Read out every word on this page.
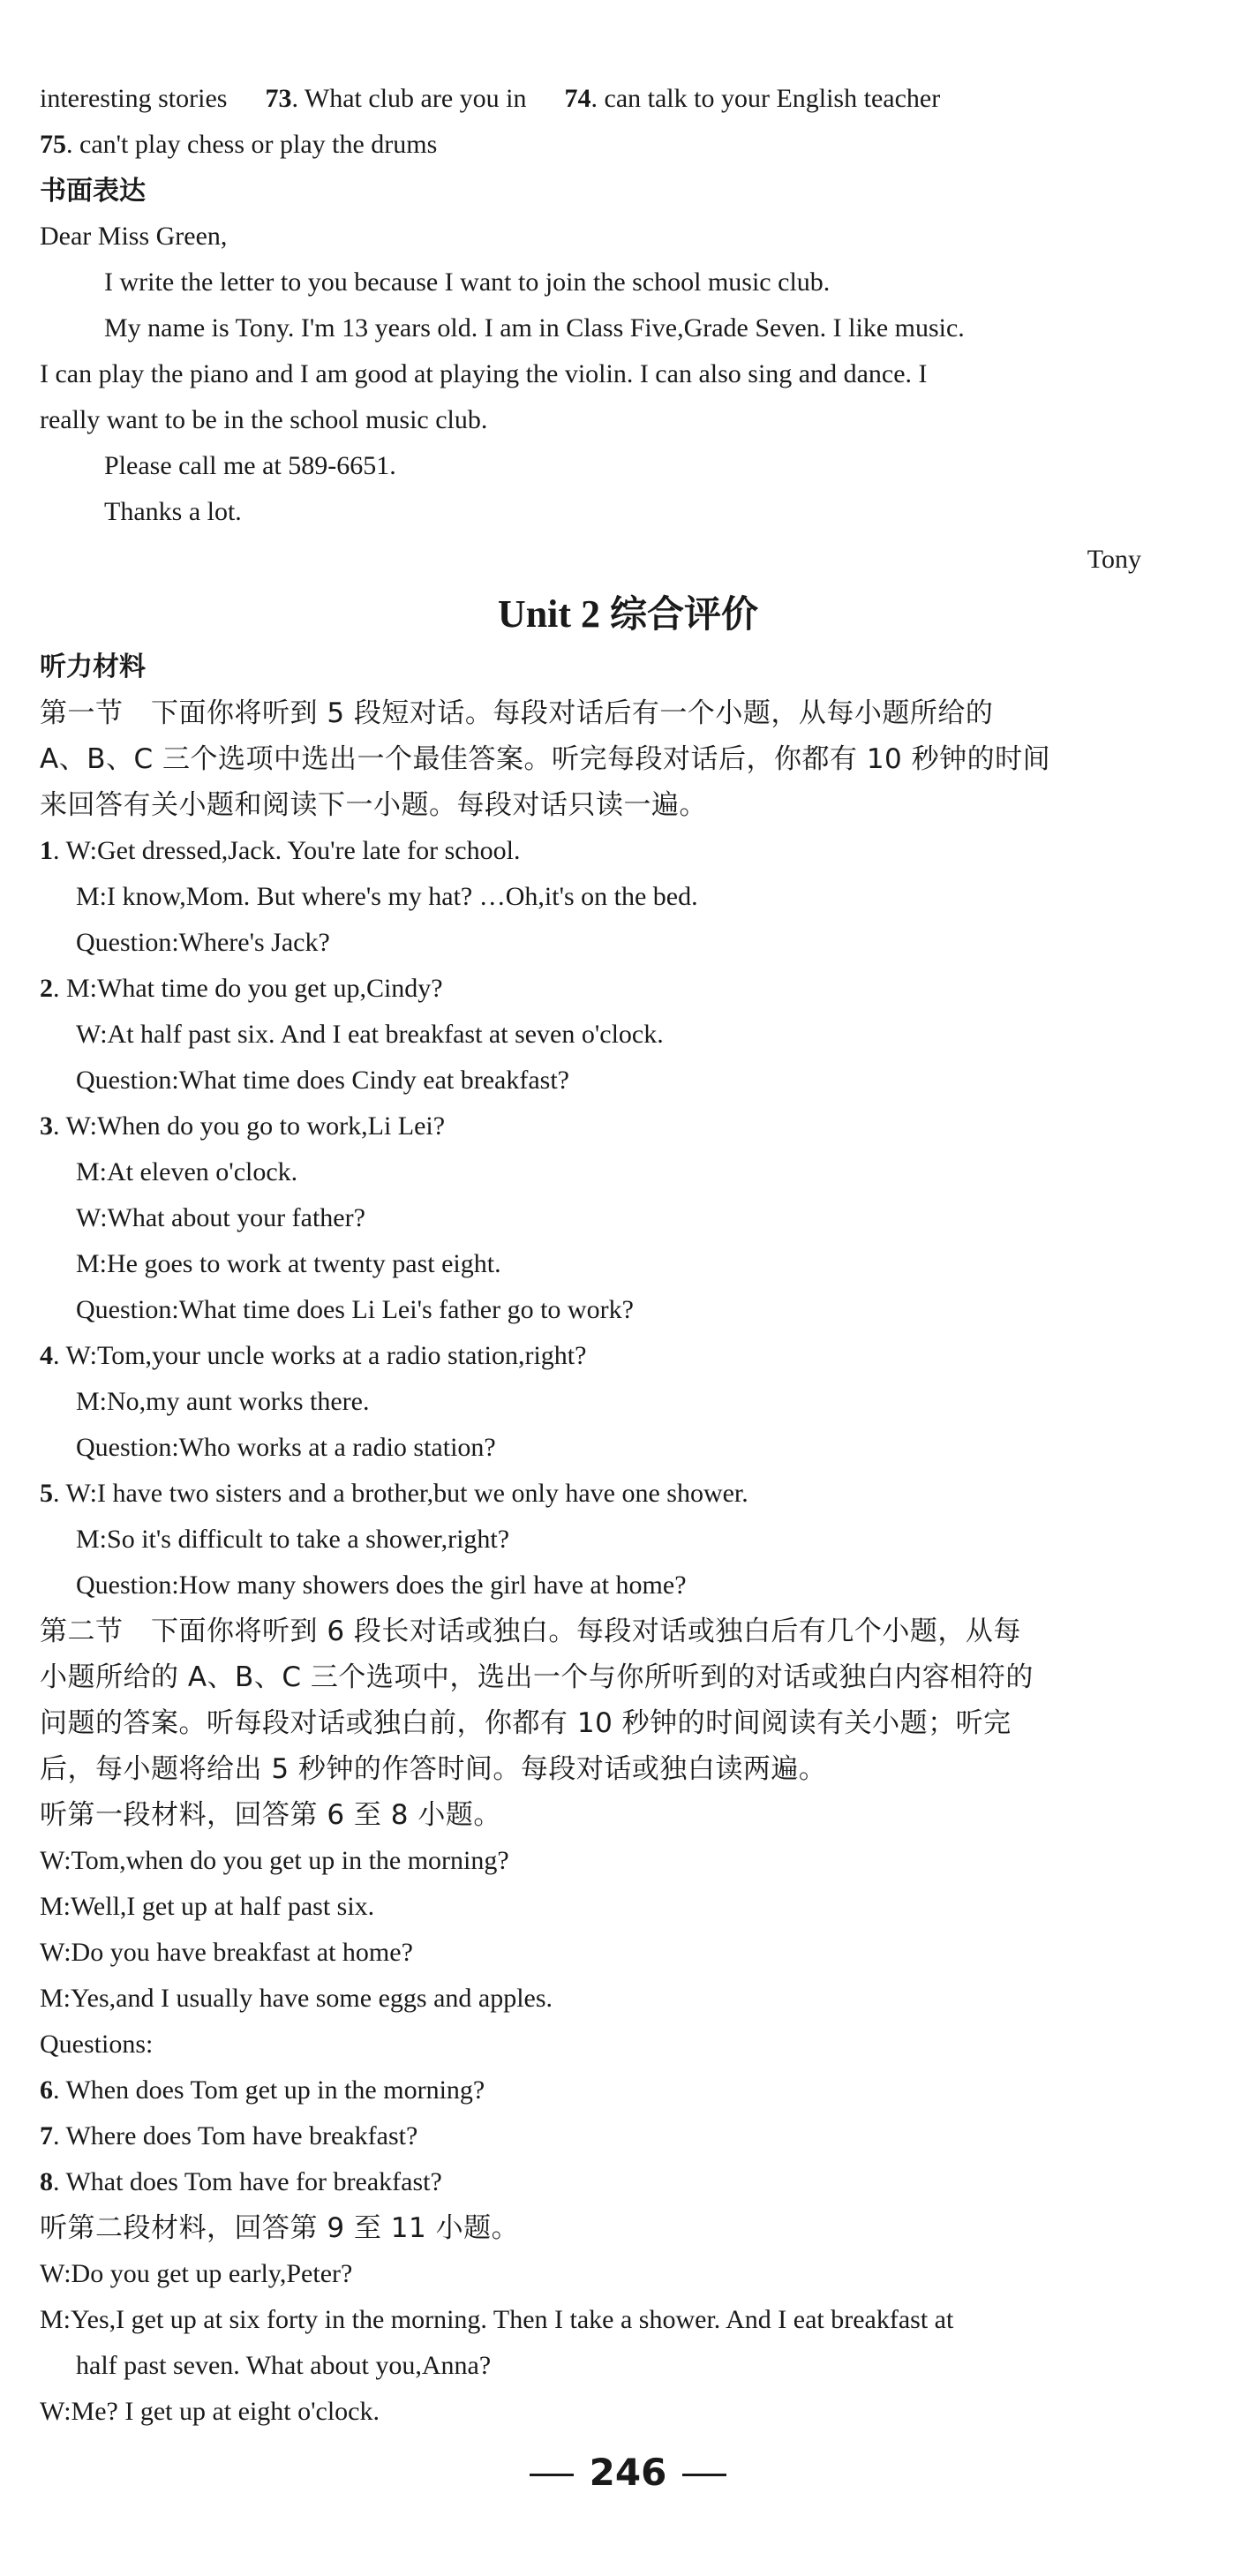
interesting stories 73. What club are you in 74. can talk to your English teacher
75. can't play chess or play the drums
书面表达
Dear Miss Green,
I write the letter to you because I want to join the school music club.
My name is Tony. I'm 13 years old. I am in Class Five,Grade Seven. I like music.
I can play the piano and I am good at playing the violin. I can also sing and dance. I
really want to be in the school music club.
Please call me at 589-6651.
Thanks a lot.
Tony
Unit 2 综合评价
听力材料
第一节　下面你将听到 5 段短对话。每段对话后有一个小题，从每小题所给的
A、B、C 三个选项中选出一个最佳答案。听完每段对话后，你都有 10 秒钟的时间
来回答有关小题和阅读下一小题。每段对话只读一遍。
1. W:Get dressed,Jack. You're late for school.
M:I know,Mom. But where's my hat? …Oh,it's on the bed.
Question:Where's Jack?
2. M:What time do you get up,Cindy?
W:At half past six. And I eat breakfast at seven o'clock.
Question:What time does Cindy eat breakfast?
3. W:When do you go to work,Li Lei?
M:At eleven o'clock.
W:What about your father?
M:He goes to work at twenty past eight.
Question:What time does Li Lei's father go to work?
4. W:Tom,your uncle works at a radio station,right?
M:No,my aunt works there.
Question:Who works at a radio station?
5. W:I have two sisters and a brother,but we only have one shower.
M:So it's difficult to take a shower,right?
Question:How many showers does the girl have at home?
第二节　下面你将听到 6 段长对话或独白。每段对话或独白后有几个小题，从每
小题所给的 A、B、C 三个选项中，选出一个与你所听到的对话或独白内容相符的
问题的答案。听每段对话或独白前，你都有 10 秒钟的时间阅读有关小题；听完
后，每小题将给出 5 秒钟的作答时间。每段对话或独白读两遍。
听第一段材料，回答第 6 至 8 小题。
W:Tom,when do you get up in the morning?
M:Well,I get up at half past six.
W:Do you have breakfast at home?
M:Yes,and I usually have some eggs and apples.
Questions:
6. When does Tom get up in the morning?
7. Where does Tom have breakfast?
8. What does Tom have for breakfast?
听第二段材料，回答第 9 至 11 小题。
W:Do you get up early,Peter?
M:Yes,I get up at six forty in the morning. Then I take a shower. And I eat breakfast at
half past seven. What about you,Anna?
W:Me? I get up at eight o'clock.
246
